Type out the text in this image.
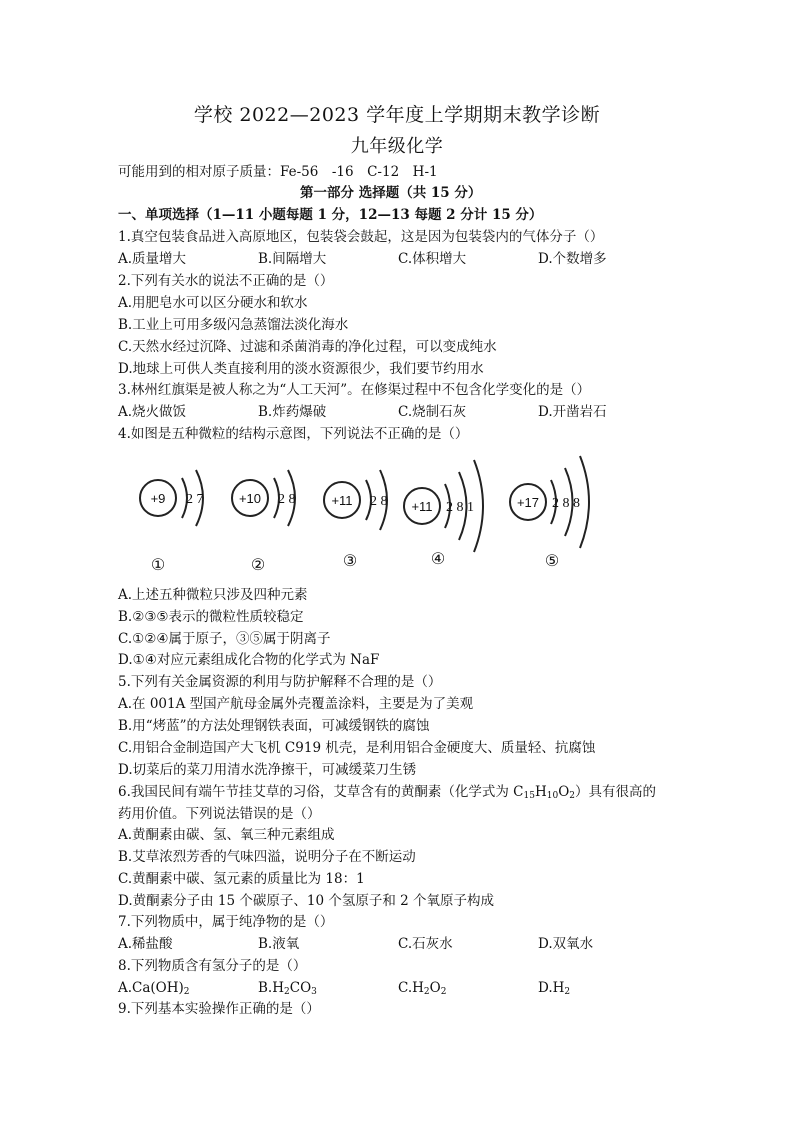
学校 2022—2023 学年度上学期期末教学诊断
九年级化学
可能用到的相对原子质量：Fe-56　-16　C-12　H-1
第一部分 选择题（共 15 分）
一、单项选择（1—11 小题每题 1 分，12—13 每题 2 分计 15 分）
1.真空包装食品进入高原地区，包装袋会鼓起，这是因为包装袋内的气体分子（）
A.质量增大	B.间隔增大	C.体积增大	D.个数增多
2.下列有关水的说法不正确的是（）
A.用肥皂水可以区分硬水和软水
B.工业上可用多级闪急蒸馏法淡化海水
C.天然水经过沉降、过滤和杀菌消毒的净化过程，可以变成纯水
D.地球上可供人类直接利用的淡水资源很少，我们要节约用水
3.林州红旗渠是被人称之为“人工天河”。在修渠过程中不包含化学变化的是（）
A.烧火做饭	B.炸药爆破	C.烧制石灰	D.开凿岩石
4.如图是五种微粒的结构示意图，下列说法不正确的是（）
+9 2 7	+10 2 8	+11 2 8 +11 2 8 1	+17 2 8 8
①	②	③	④	⑤
A.上述五种微粒只涉及四种元素
B.②③⑤表示的微粒性质较稳定
C.①②④属于原子，③⑤属于阴离子
D.①④对应元素组成化合物的化学式为 NaF
5.下列有关金属资源的利用与防护解释不合理的是（）
A.在 001A 型国产航母金属外壳覆盖涂料，主要是为了美观
B.用“烤蓝”的方法处理钢铁表面，可减缓钢铁的腐蚀
C.用铝合金制造国产大飞机 C919 机壳，是利用铝合金硬度大、质量轻、抗腐蚀
D.切菜后的菜刀用清水洗净擦干，可减缓菜刀生锈
6.我国民间有端午节挂艾草的习俗，艾草含有的黄酮素（化学式为 $C_{15}H_{10}O_2$）具有很高的
药用价值。下列说法错误的是（）
A.黄酮素由碳、氢、氧三种元素组成
B.艾草浓烈芳香的气味四溢，说明分子在不断运动
C.黄酮素中碳、氢元素的质量比为 18：1
D.黄酮素分子由 15 个碳原子、10 个氢原子和 2 个氧原子构成
7.下列物质中，属于纯净物的是（）
A.稀盐酸	B.液氧	C.石灰水	D.双氧水
8.下列物质含有氢分子的是（）
$A.Ca(OH)_2$	$B.H_2CO_3$	$C.H_2O_2$	$D.H_2$
9.下列基本实验操作正确的是（）
